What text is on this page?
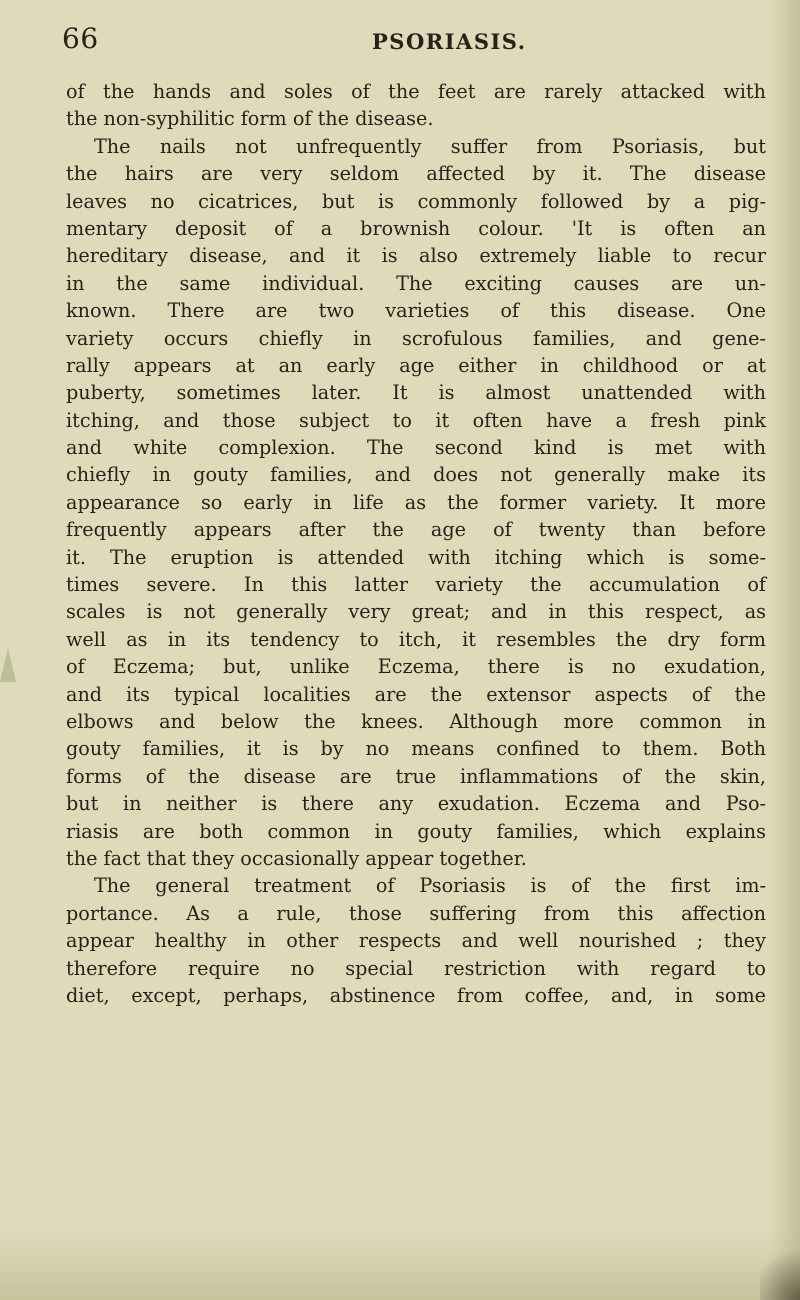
66	PSORIASIS.
of the hands and soles of the feet are rarely attacked with
the non-syphilitic form of the disease.
The nails not unfrequently suffer from Psoriasis, but
the hairs are very seldom affected by it. The disease
leaves no cicatrices, but is commonly followed by a pig-
mentary deposit of a brownish colour. 'It is often an
hereditary disease, and it is also extremely liable to recur
in the same individual. The exciting causes are un-
known. There are two varieties of this disease. One
variety occurs chiefly in scrofulous families, and gene-
rally appears at an early age either in childhood or at
puberty, sometimes later. It is almost unattended with
itching, and those subject to it often have a fresh pink
and white complexion. The second kind is met with
chiefly in gouty families, and does not generally make its
appearance so early in life as the former variety. It more
frequently appears after the age of twenty than before
it. The eruption is attended with itching which is some-
times severe. In this latter variety the accumulation of
scales is not generally very great; and in this respect, as
well as in its tendency to itch, it resembles the dry form
of Eczema; but, unlike Eczema, there is no exudation,
and its typical localities are the extensor aspects of the
elbows and below the knees. Although more common in
gouty families, it is by no means confined to them. Both
forms of the disease are true inflammations of the skin,
but in neither is there any exudation. Eczema and Pso-
riasis are both common in gouty families, which explains
the fact that they occasionally appear together.
The general treatment of Psoriasis is of the first im-
portance. As a rule, those suffering from this affection
appear healthy in other respects and well nourished ; they
therefore require no special restriction with regard to
diet, except, perhaps, abstinence from coffee, and, in some
